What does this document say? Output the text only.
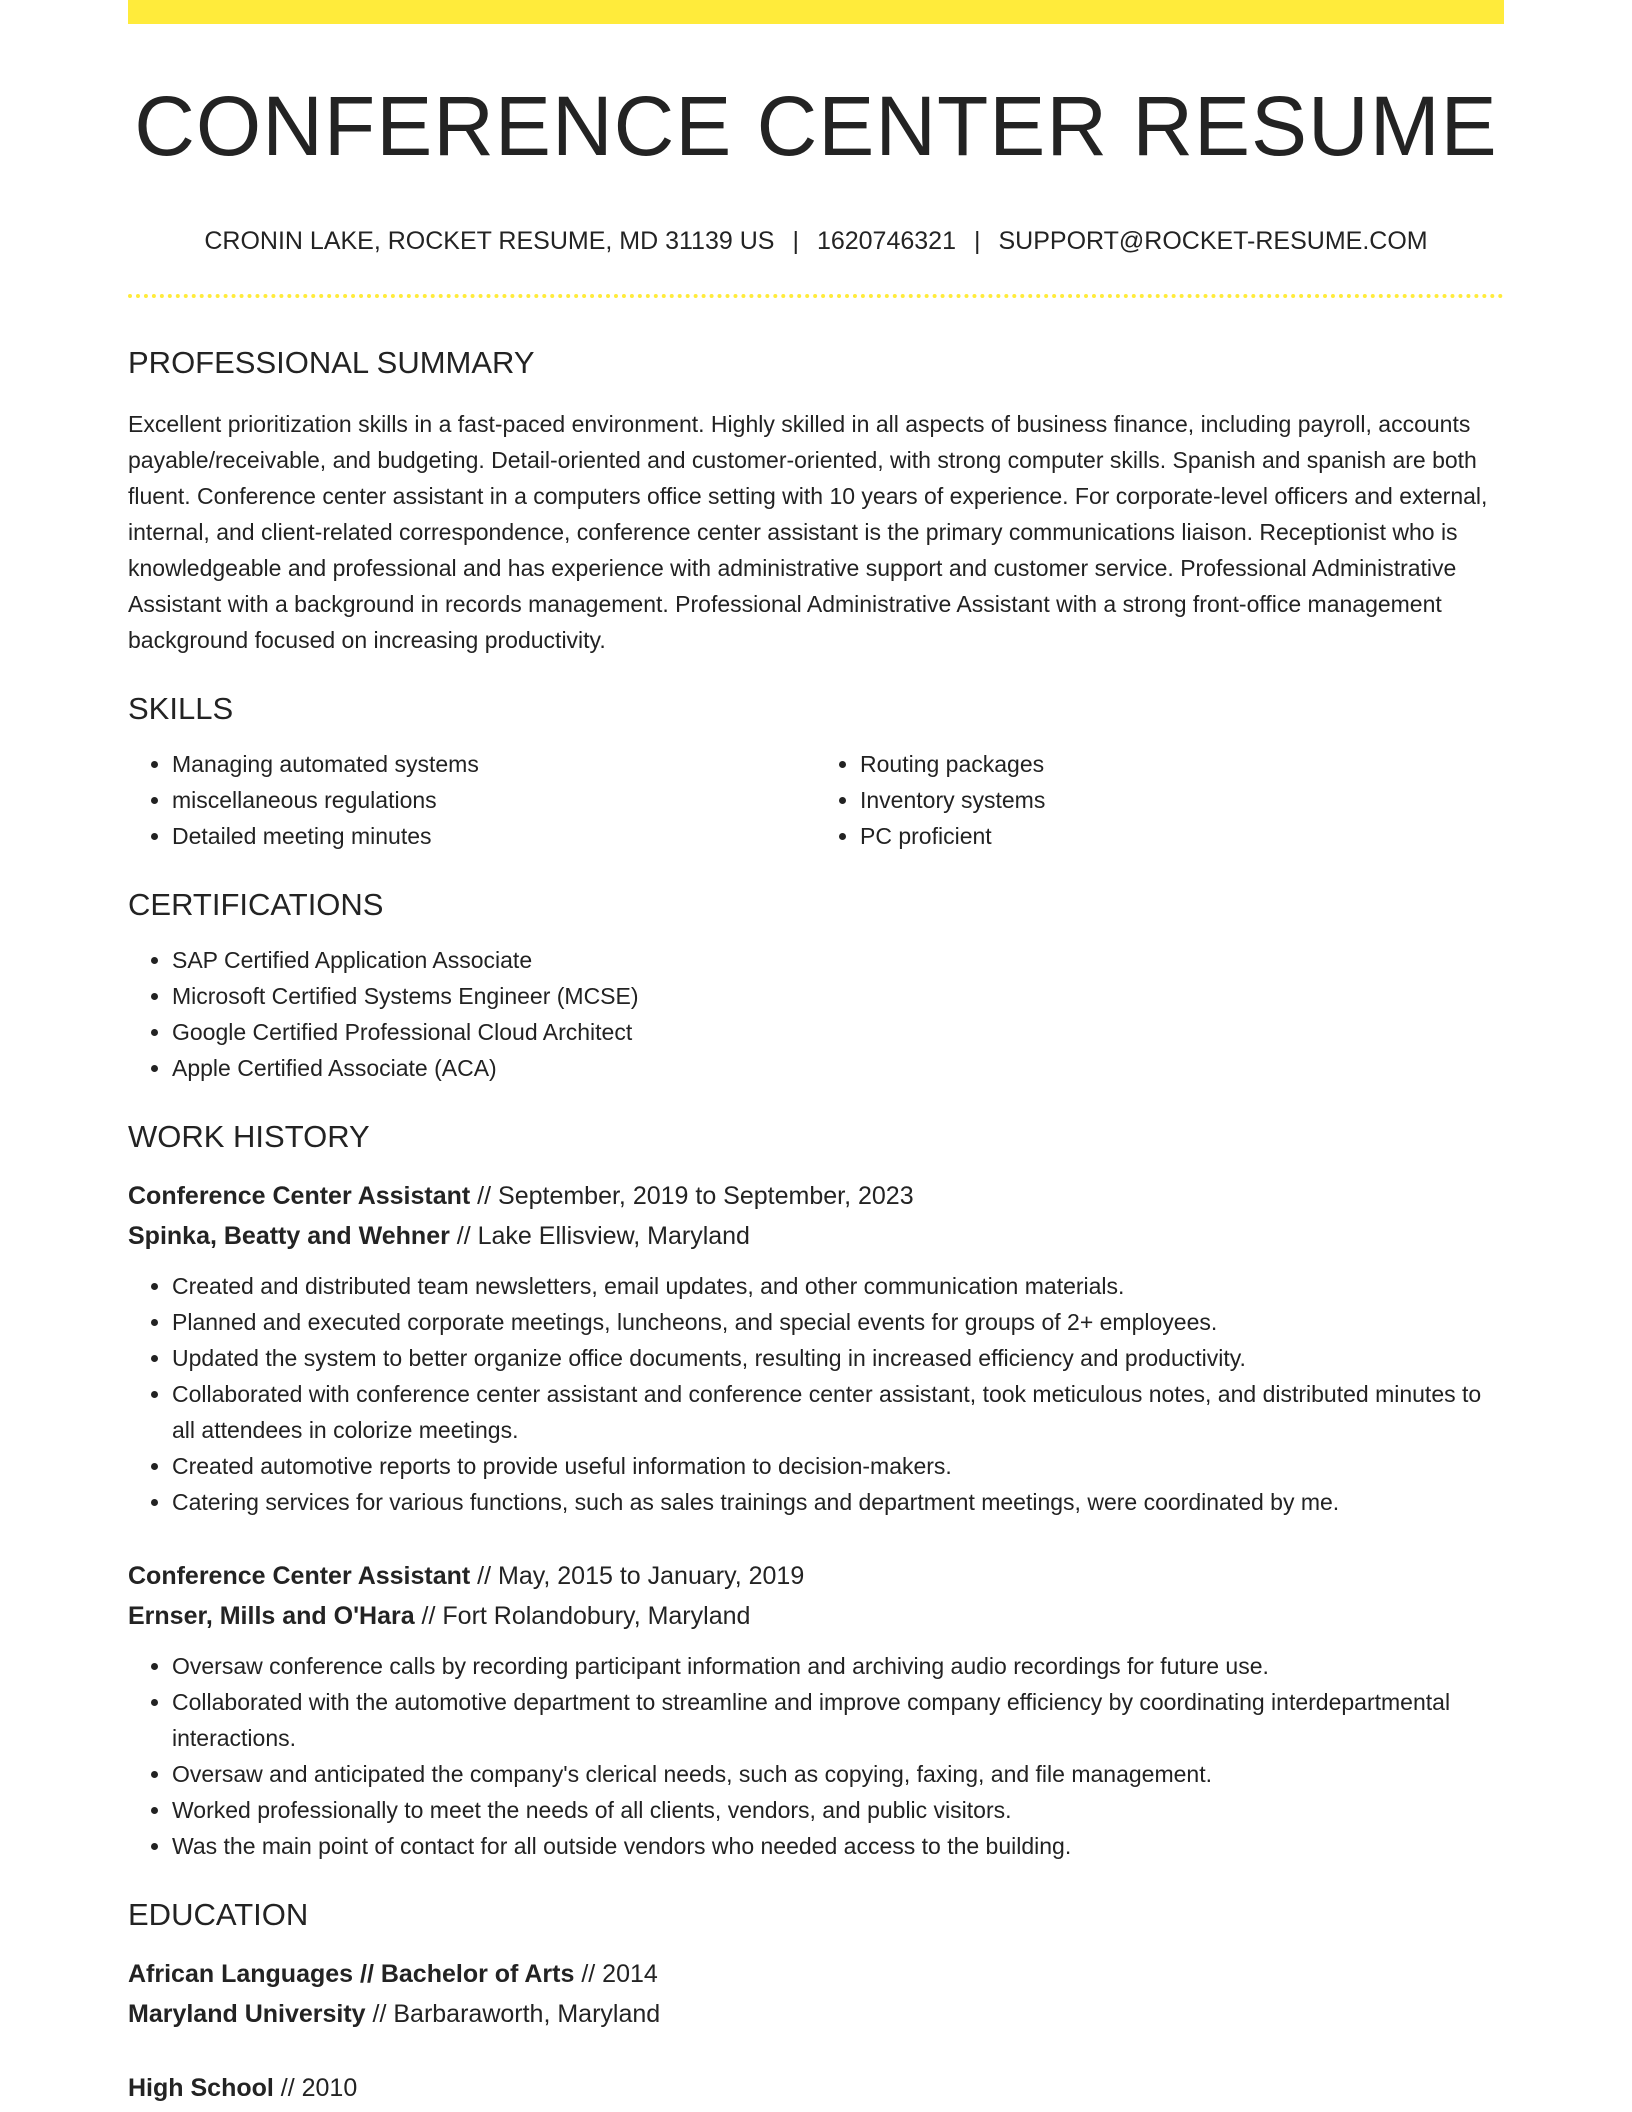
CONFERENCE CENTER RESUME
CRONIN LAKE, ROCKET RESUME, MD 31139 US | 1620746321 | SUPPORT@ROCKET-RESUME.COM
PROFESSIONAL SUMMARY

Excellent prioritization skills in a fast-paced environment. Highly skilled in all aspects of business finance, including payroll, accounts payable/receivable, and budgeting. Detail-oriented and customer-oriented, with strong computer skills. Spanish and spanish are both fluent. Conference center assistant in a computers office setting with 10 years of experience. For corporate-level officers and external, internal, and client-related correspondence, conference center assistant is the primary communications liaison. Receptionist who is knowledgeable and professional and has experience with administrative support and customer service. Professional Administrative Assistant with a background in records management. Professional Administrative Assistant with a strong front-office management background focused on increasing productivity.

SKILLS
• Managing automated systems
• miscellaneous regulations
• Detailed meeting minutes
• Routing packages
• Inventory systems
• PC proficient
CERTIFICATIONS
• SAP Certified Application Associate
• Microsoft Certified Systems Engineer (MCSE)
• Google Certified Professional Cloud Architect
• Apple Certified Associate (ACA)
WORK HISTORY
Conference Center Assistant // September, 2019 to September, 2023
Spinka, Beatty and Wehner // Lake Ellisview, Maryland
• Created and distributed team newsletters, email updates, and other communication materials.
• Planned and executed corporate meetings, luncheons, and special events for groups of 2+ employees.
• Updated the system to better organize office documents, resulting in increased efficiency and productivity.
• Collaborated with conference center assistant and conference center assistant, took meticulous notes, and distributed minutes to all attendees in colorize meetings.
• Created automotive reports to provide useful information to decision-makers.
• Catering services for various functions, such as sales trainings and department meetings, were coordinated by me.
Conference Center Assistant // May, 2015 to January, 2019
Ernser, Mills and O'Hara // Fort Rolandobury, Maryland
• Oversaw conference calls by recording participant information and archiving audio recordings for future use.
• Collaborated with the automotive department to streamline and improve company efficiency by coordinating interdepartmental interactions.
• Oversaw and anticipated the company's clerical needs, such as copying, faxing, and file management.
• Worked professionally to meet the needs of all clients, vendors, and public visitors.
• Was the main point of contact for all outside vendors who needed access to the building.
EDUCATION
African Languages // Bachelor of Arts // 2014
Maryland University // Barbaraworth, Maryland
High School // 2010
